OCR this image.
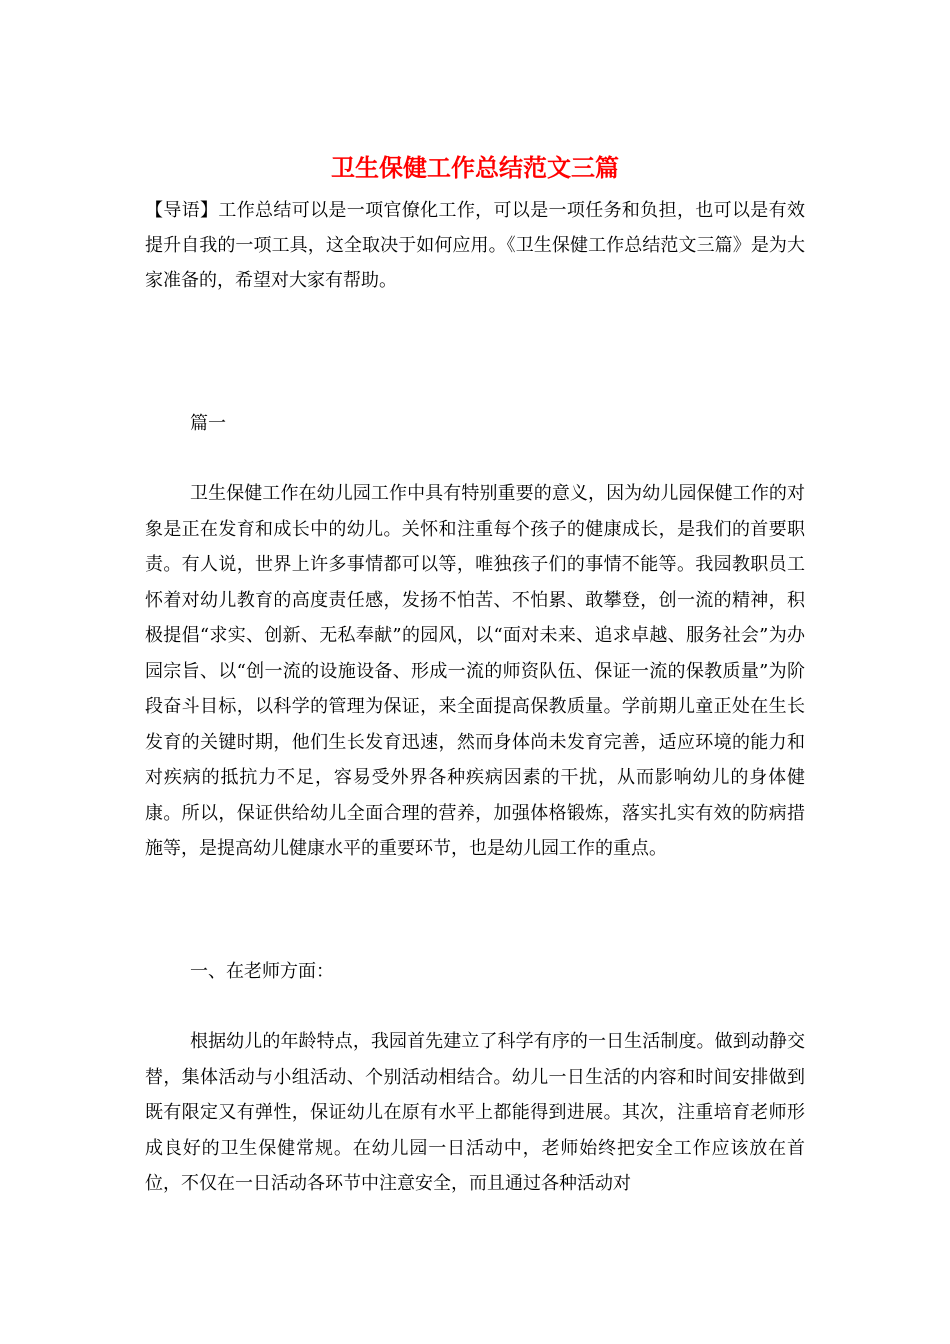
卫生保健工作总结范文三篇

【导语】工作总结可以是一项官僚化工作，可以是一项任务和负担，也可以是有效提升自我的一项工具，这全取决于如何应用。《卫生保健工作总结范文三篇》是为大家准备的，希望对大家有帮助。

篇一

卫生保健工作在幼儿园工作中具有特别重要的意义，因为幼儿园保健工作的对象是正在发育和成长中的幼儿。关怀和注重每个孩子的健康成长，是我们的首要职责。有人说，世界上许多事情都可以等，唯独孩子们的事情不能等。我园教职员工怀着对幼儿教育的高度责任感，发扬不怕苦、不怕累、敢攀登，创一流的精神，积极提倡“求实、创新、无私奉献”的园风，以“面对未来、追求卓越、服务社会”为办园宗旨、以“创一流的设施设备、形成一流的师资队伍、保证一流的保教质量”为阶段奋斗目标，以科学的管理为保证，来全面提高保教质量。学前期儿童正处在生长发育的关键时期，他们生长发育迅速，然而身体尚未发育完善，适应环境的能力和对疾病的抵抗力不足，容易受外界各种疾病因素的干扰，从而影响幼儿的身体健康。所以，保证供给幼儿全面合理的营养，加强体格锻炼，落实扎实有效的防病措施等，是提高幼儿健康水平的重要环节，也是幼儿园工作的重点。

一、在老师方面：

根据幼儿的年龄特点，我园首先建立了科学有序的一日生活制度。做到动静交替，集体活动与小组活动、个别活动相结合。幼儿一日生活的内容和时间安排做到既有限定又有弹性，保证幼儿在原有水平上都能得到进展。其次，注重培育老师形成良好的卫生保健常规。在幼儿园一日活动中，老师始终把安全工作应该放在首位，不仅在一日活动各环节中注意安全，而且通过各种活动对
